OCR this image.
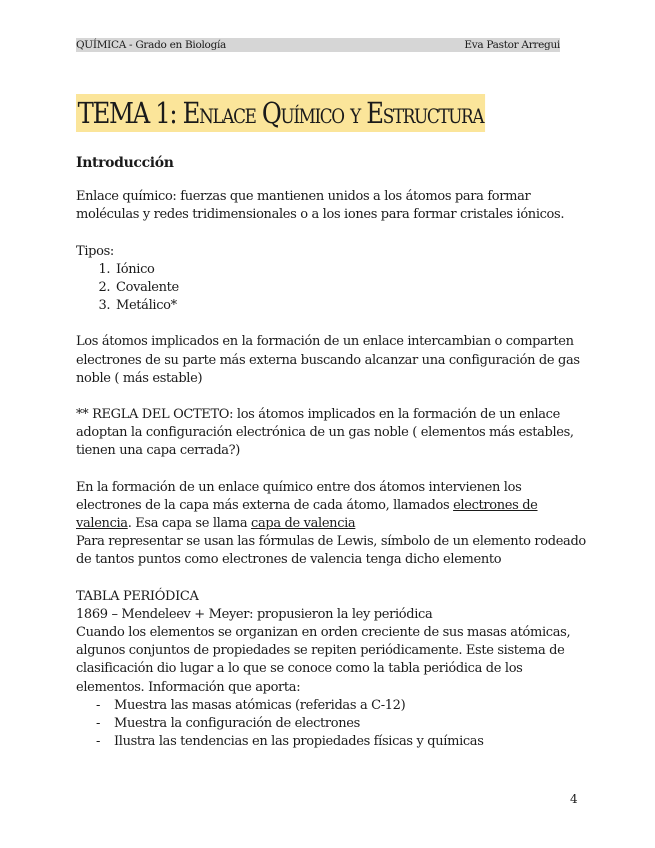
QUÍMICA - Grado en Biología	Eva Pastor Arregui
TEMA 1: Enlace Químico y Estructura

Introducción

Enlace químico: fuerzas que mantienen unidos a los átomos para formar moléculas y redes tridimensionales o a los iones para formar cristales iónicos.

Tipos:

1. Iónico
2. Covalente
3. Metálico*

Los átomos implicados en la formación de un enlace intercambian o comparten electrones de su parte más externa buscando alcanzar una configuración de gas noble ( más estable)

** REGLA DEL OCTETO: los átomos implicados en la formación de un enlace adoptan la configuración electrónica de un gas noble ( elementos más estables, tienen una capa cerrada?)

En la formación de un enlace químico entre dos átomos intervienen los electrones de la capa más externa de cada átomo, llamados electrones de valencia. Esa capa se llama capa de valencia

Para representar se usan las fórmulas de Lewis, símbolo de un elemento rodeado de tantos puntos como electrones de valencia tenga dicho elemento

TABLA PERIÓDICA

1869 – Mendeleev + Meyer: propusieron la ley periódica

Cuando los elementos se organizan en orden creciente de sus masas atómicas, algunos conjuntos de propiedades se repiten periódicamente. Este sistema de clasificación dio lugar a lo que se conoce como la tabla periódica de los elementos. Información que aporta:

- Muestra las masas atómicas (referidas a C-12)
- Muestra la configuración de electrones
- Ilustra las tendencias en las propiedades físicas y químicas
4
